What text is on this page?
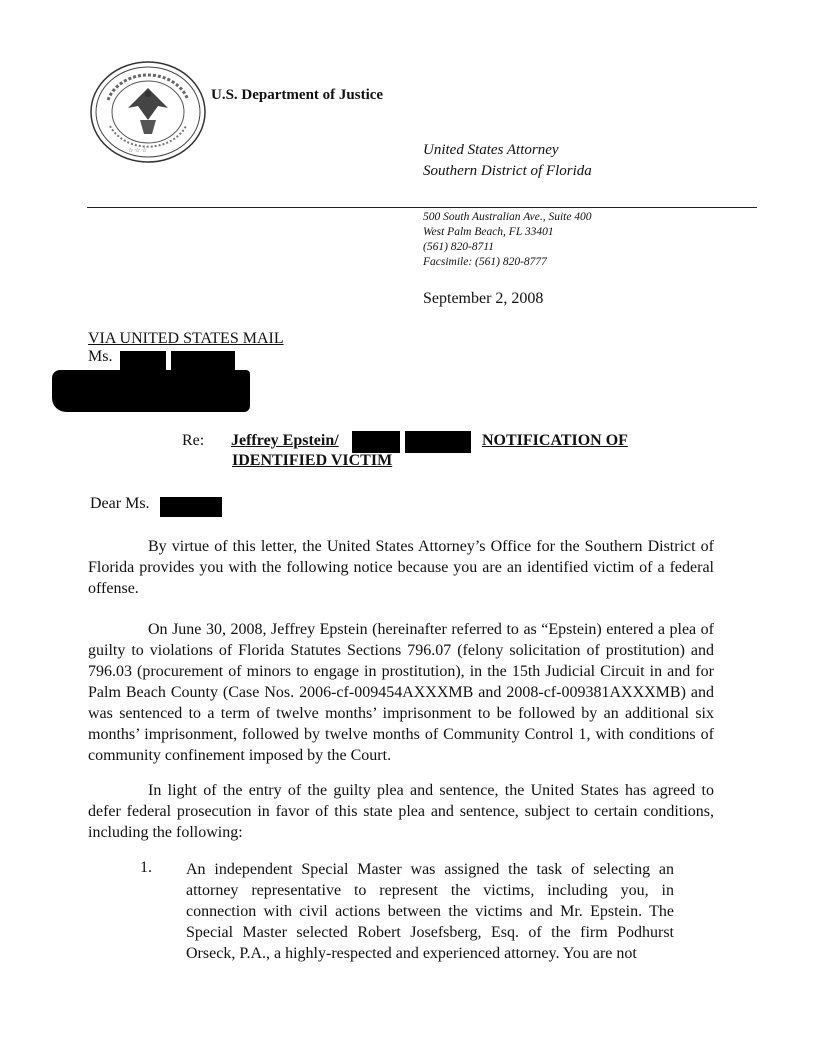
☆ ☆ ☆
U.S. Department of Justice
United States Attorney
Southern District of Florida
500 South Australian Ave., Suite 400
West Palm Beach, FL 33401
(561) 820-8711
Facsimile: (561) 820-8777
September 2, 2008
VIA UNITED STATES MAIL
Ms.
Re: Jeffrey Epstein/	NOTIFICATION OF
IDENTIFIED VICTIM
Dear Ms.

By virtue of this letter, the United States Attorney’s Office for the Southern District of Florida provides you with the following notice because you are an identified victim of a federal offense.

On June 30, 2008, Jeffrey Epstein (hereinafter referred to as “Epstein) entered a plea of guilty to violations of Florida Statutes Sections 796.07 (felony solicitation of prostitution) and 796.03 (procurement of minors to engage in prostitution), in the 15th Judicial Circuit in and for Palm Beach County (Case Nos. 2006-cf-009454AXXXMB and 2008-cf-009381AXXXMB) and was sentenced to a term of twelve months’ imprisonment to be followed by an additional six months’ imprisonment, followed by twelve months of Community Control 1, with conditions of community confinement imposed by the Court.

In light of the entry of the guilty plea and sentence, the United States has agreed to defer federal prosecution in favor of this state plea and sentence, subject to certain conditions, including the following:

1. An independent Special Master was assigned the task of selecting an attorney representative to represent the victims, including you, in connection with civil actions between the victims and Mr. Epstein. The Special Master selected Robert Josefsberg, Esq. of the firm Podhurst Orseck, P.A., a highly-respected and experienced attorney. You are not
